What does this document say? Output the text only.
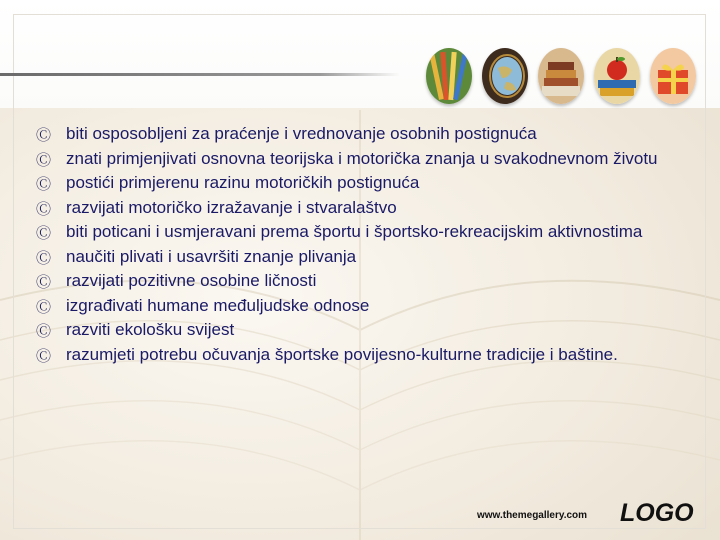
Ⓒ biti osposobljeni za praćenje i vrednovanje osobnih postignuća
Ⓒ znati primjenjivati osnovna teorijska i motorička znanja u svakodnevnom životu
Ⓒ postići primjerenu razinu motoričkih postignuća
Ⓒ razvijati motoričko izražavanje i stvaralaštvo
Ⓒ biti poticani i usmjeravani prema športu i športsko-rekreacijskim aktivnostima
Ⓒ naučiti plivati i usavršiti znanje plivanja
Ⓒ razvijati pozitivne osobine ličnosti
Ⓒ izgrađivati humane međuljudske odnose
Ⓒ razviti ekološku svijest
Ⓒ razumjeti potrebu očuvanja športske povijesno-kulturne tradicije i baštine.
www.themegallery.com LOGO
